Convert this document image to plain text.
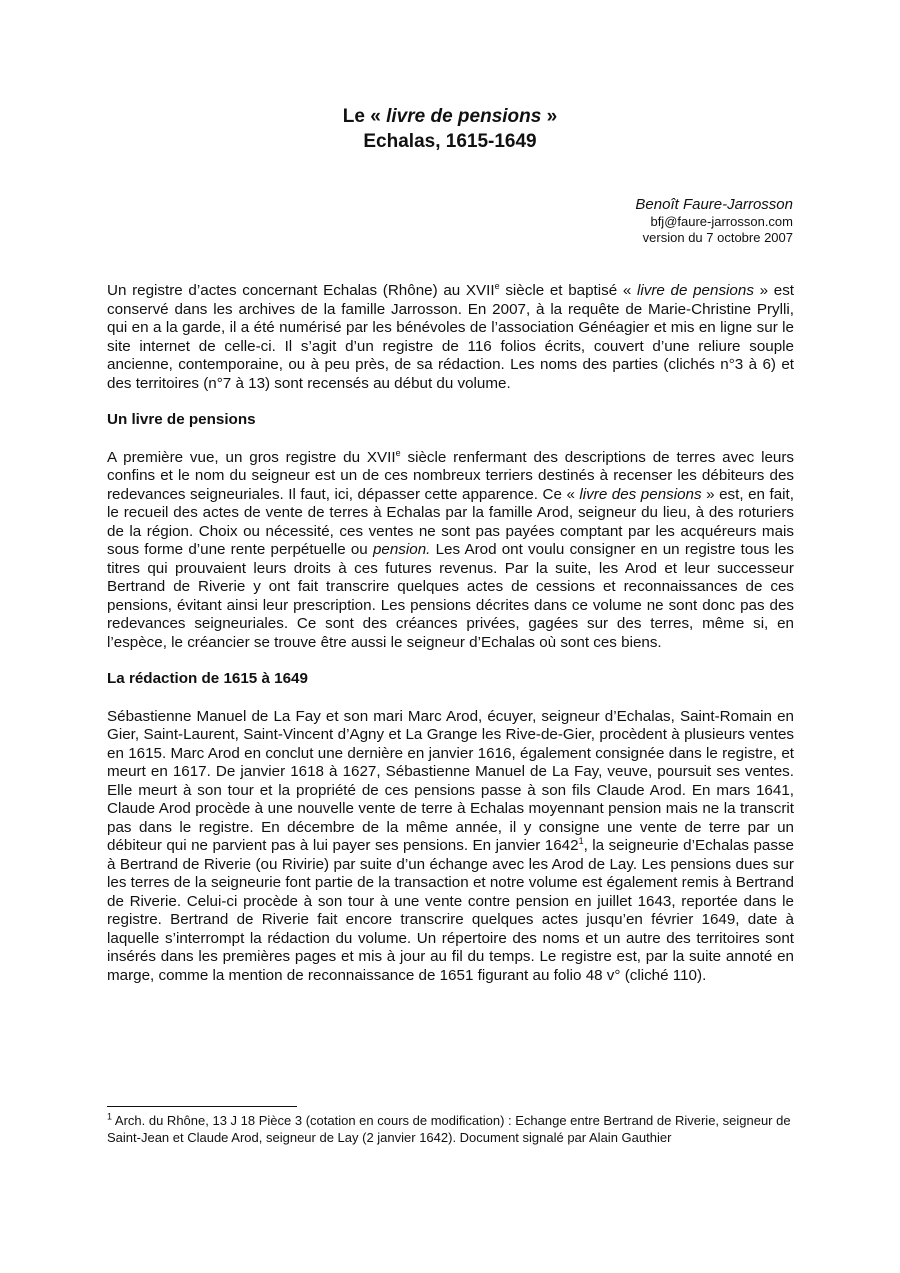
Le « livre de pensions »
Echalas, 1615-1649
Benoît Faure-Jarrosson
bfj@faure-jarrosson.com
version du 7 octobre 2007

Un registre d’actes concernant Echalas (Rhône) au XVIIe siècle et baptisé « livre de pensions » est conservé dans les archives de la famille Jarrosson. En 2007, à la requête de Marie-Christine Prylli, qui en a la garde, il a été numérisé par les bénévoles de l’association Généagier et mis en ligne sur le site internet de celle-ci. Il s’agit d’un registre de 116 folios écrits, couvert d’une reliure souple ancienne, contemporaine, ou à peu près, de sa rédaction. Les noms des parties (clichés n°3 à 6) et des territoires (n°7 à 13) sont recensés au début du volume.

Un livre de pensions

A première vue, un gros registre du XVIIe siècle renfermant des descriptions de terres avec leurs confins et le nom du seigneur est un de ces nombreux terriers destinés à recenser les débiteurs des redevances seigneuriales. Il faut, ici, dépasser cette apparence. Ce « livre des pensions » est, en fait, le recueil des actes de vente de terres à Echalas par la famille Arod, seigneur du lieu, à des roturiers de la région. Choix ou nécessité, ces ventes ne sont pas payées comptant par les acquéreurs mais sous forme d’une rente perpétuelle ou pension. Les Arod ont voulu consigner en un registre tous les titres qui prouvaient leurs droits à ces futures revenus. Par la suite, les Arod et leur successeur Bertrand de Riverie y ont fait transcrire quelques actes de cessions et reconnaissances de ces pensions, évitant ainsi leur prescription. Les pensions décrites dans ce volume ne sont donc pas des redevances seigneuriales. Ce sont des créances privées, gagées sur des terres, même si, en l’espèce, le créancier se trouve être aussi le seigneur d’Echalas où sont ces biens.

La rédaction de 1615 à 1649

Sébastienne Manuel de La Fay et son mari Marc Arod, écuyer, seigneur d’Echalas, Saint-Romain en Gier, Saint-Laurent, Saint-Vincent d’Agny et La Grange les Rive-de-Gier, procèdent à plusieurs ventes en 1615. Marc Arod en conclut une dernière en janvier 1616, également consignée dans le registre, et meurt en 1617. De janvier 1618 à 1627, Sébastienne Manuel de La Fay, veuve, poursuit ses ventes. Elle meurt à son tour et la propriété de ces pensions passe à son fils Claude Arod. En mars 1641, Claude Arod procède à une nouvelle vente de terre à Echalas moyennant pension mais ne la transcrit pas dans le registre. En décembre de la même année, il y consigne une vente de terre par un débiteur qui ne parvient pas à lui payer ses pensions. En janvier 1642$^1$, la seigneurie d’Echalas passe à Bertrand de Riverie (ou Rivirie) par suite d’un échange avec les Arod de Lay. Les pensions dues sur les terres de la seigneurie font partie de la transaction et notre volume est également remis à Bertrand de Riverie. Celui-ci procède à son tour à une vente contre pension en juillet 1643, reportée dans le registre. Bertrand de Riverie fait encore transcrire quelques actes jusqu’en février 1649, date à laquelle s’interrompt la rédaction du volume. Un répertoire des noms et un autre des territoires sont insérés dans les premières pages et mis à jour au fil du temps. Le registre est, par la suite annoté en marge, comme la mention de reconnaissance de 1651 figurant au folio 48 v° (cliché 110).

$^1$ Arch. du Rhône, 13 J 18 Pièce 3 (cotation en cours de modification) : Echange entre Bertrand de Riverie, seigneur de Saint-Jean et Claude Arod, seigneur de Lay (2 janvier 1642). Document signalé par Alain Gauthier
